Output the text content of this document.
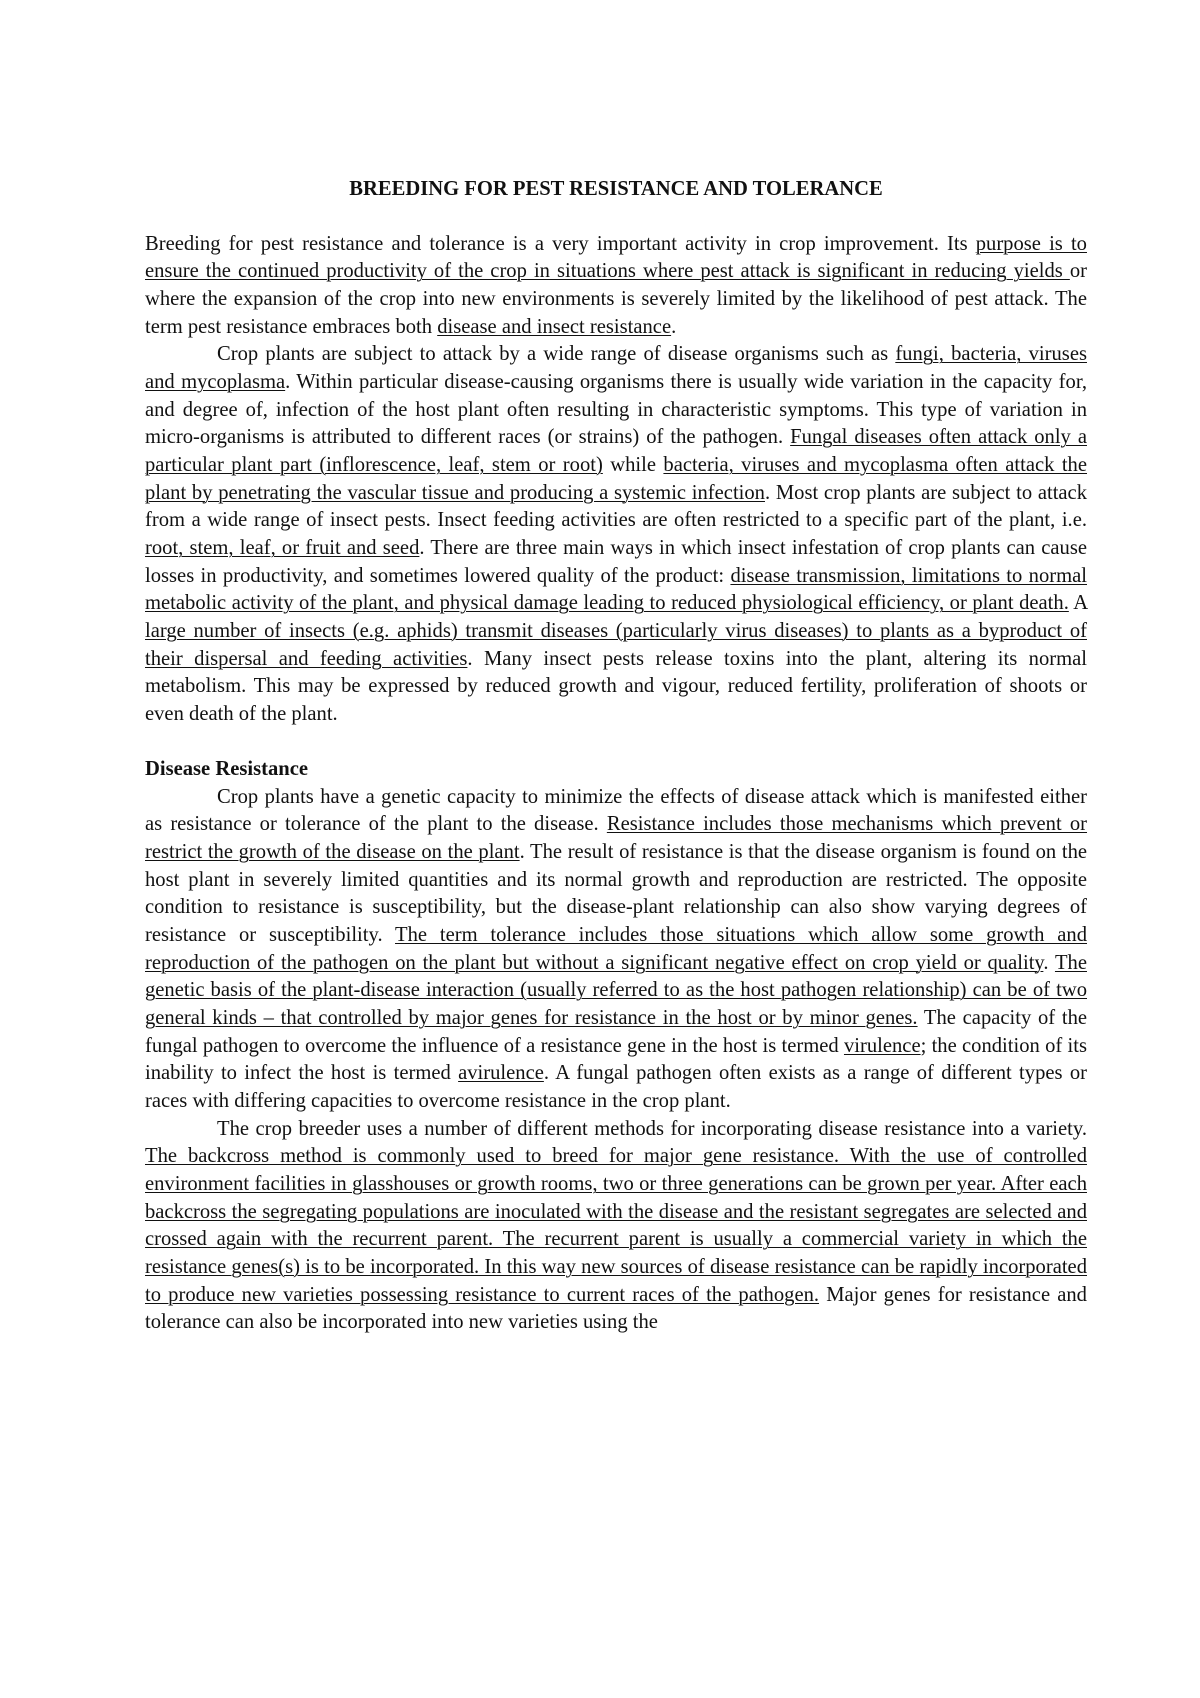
BREEDING FOR PEST RESISTANCE AND TOLERANCE

Breeding for pest resistance and tolerance is a very important activity in crop improvement. Its purpose is to ensure the continued productivity of the crop in situations where pest attack is significant in reducing yields or where the expansion of the crop into new environments is severely limited by the likelihood of pest attack. The term pest resistance embraces both disease and insect resistance.

Crop plants are subject to attack by a wide range of disease organisms such as fungi, bacteria, viruses and mycoplasma. Within particular disease-causing organisms there is usually wide variation in the capacity for, and degree of, infection of the host plant often resulting in characteristic symptoms. This type of variation in micro-organisms is attributed to different races (or strains) of the pathogen. Fungal diseases often attack only a particular plant part (inflorescence, leaf, stem or root) while bacteria, viruses and mycoplasma often attack the plant by penetrating the vascular tissue and producing a systemic infection. Most crop plants are subject to attack from a wide range of insect pests. Insect feeding activities are often restricted to a specific part of the plant, i.e. root, stem, leaf, or fruit and seed. There are three main ways in which insect infestation of crop plants can cause losses in productivity, and sometimes lowered quality of the product: disease transmission, limitations to normal metabolic activity of the plant, and physical damage leading to reduced physiological efficiency, or plant death. A large number of insects (e.g. aphids) transmit diseases (particularly virus diseases) to plants as a byproduct of their dispersal and feeding activities. Many insect pests release toxins into the plant, altering its normal metabolism. This may be expressed by reduced growth and vigour, reduced fertility, proliferation of shoots or even death of the plant.

Disease Resistance

Crop plants have a genetic capacity to minimize the effects of disease attack which is manifested either as resistance or tolerance of the plant to the disease. Resistance includes those mechanisms which prevent or restrict the growth of the disease on the plant. The result of resistance is that the disease organism is found on the host plant in severely limited quantities and its normal growth and reproduction are restricted. The opposite condition to resistance is susceptibility, but the disease-plant relationship can also show varying degrees of resistance or susceptibility. The term tolerance includes those situations which allow some growth and reproduction of the pathogen on the plant but without a significant negative effect on crop yield or quality. The genetic basis of the plant-disease interaction (usually referred to as the host pathogen relationship) can be of two general kinds – that controlled by major genes for resistance in the host or by minor genes. The capacity of the fungal pathogen to overcome the influence of a resistance gene in the host is termed virulence; the condition of its inability to infect the host is termed avirulence. A fungal pathogen often exists as a range of different types or races with differing capacities to overcome resistance in the crop plant.

The crop breeder uses a number of different methods for incorporating disease resistance into a variety. The backcross method is commonly used to breed for major gene resistance. With the use of controlled environment facilities in glasshouses or growth rooms, two or three generations can be grown per year. After each backcross the segregating populations are inoculated with the disease and the resistant segregates are selected and crossed again with the recurrent parent. The recurrent parent is usually a commercial variety in which the resistance genes(s) is to be incorporated. In this way new sources of disease resistance can be rapidly incorporated to produce new varieties possessing resistance to current races of the pathogen. Major genes for resistance and tolerance can also be incorporated into new varieties using the
